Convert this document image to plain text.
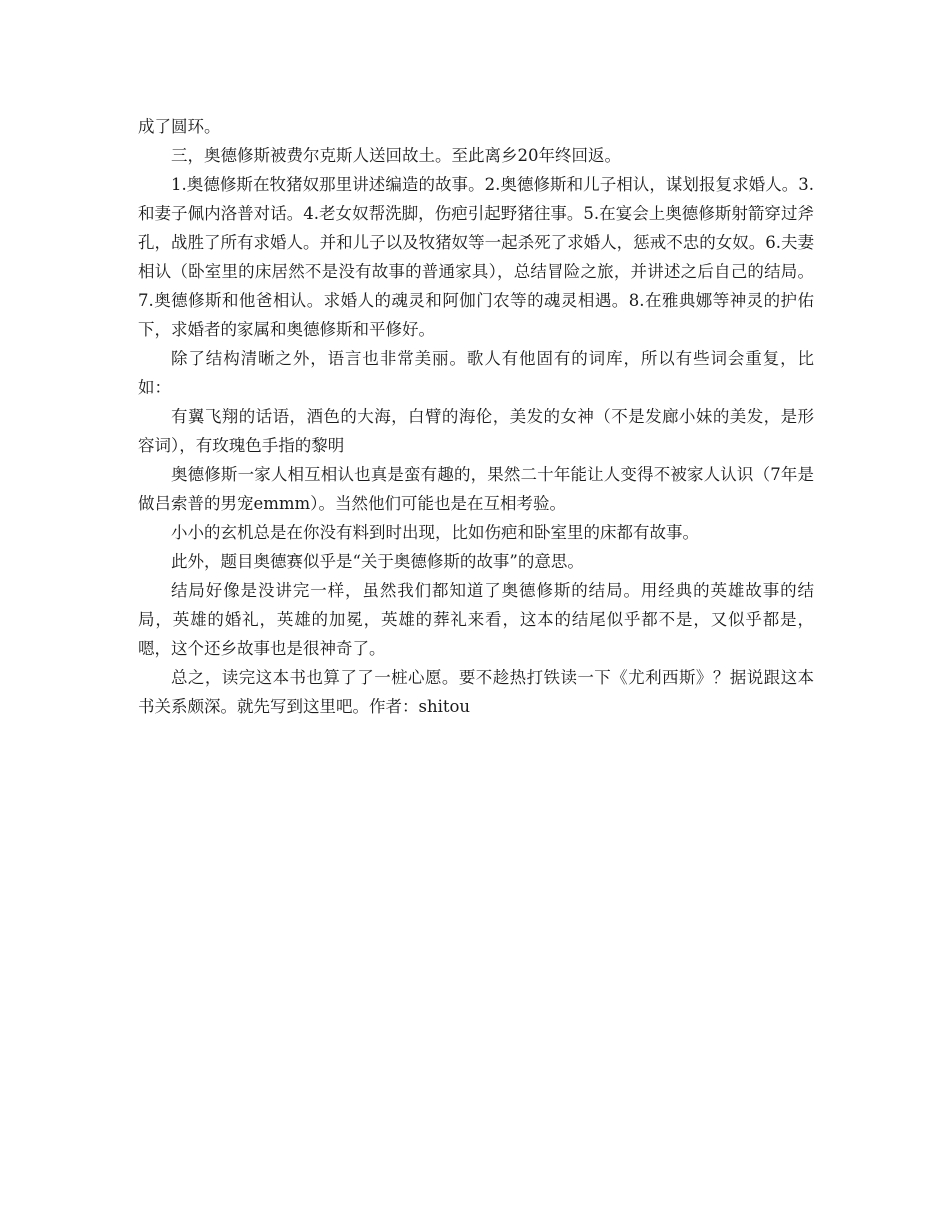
成了圆环。

三，奥德修斯被费尔克斯人送回故土。至此离乡20年终回返。

1.奥德修斯在牧猪奴那里讲述编造的故事。2.奥德修斯和儿子相认，谋划报复求婚人。3.和妻子佩内洛普对话。4.老女奴帮洗脚，伤疤引起野猪往事。5.在宴会上奥德修斯射箭穿过斧孔，战胜了所有求婚人。并和儿子以及牧猪奴等一起杀死了求婚人，惩戒不忠的女奴。6.夫妻相认（卧室里的床居然不是没有故事的普通家具），总结冒险之旅，并讲述之后自己的结局。7.奥德修斯和他爸相认。求婚人的魂灵和阿伽门农等的魂灵相遇。8.在雅典娜等神灵的护佑下，求婚者的家属和奥德修斯和平修好。

除了结构清晰之外，语言也非常美丽。歌人有他固有的词库，所以有些词会重复，比如：

有翼飞翔的话语，酒色的大海，白臂的海伦，美发的女神（不是发廊小妹的美发，是形容词），有玫瑰色手指的黎明

奥德修斯一家人相互相认也真是蛮有趣的，果然二十年能让人变得不被家人认识（7年是做吕索普的男宠emmm）。当然他们可能也是在互相考验。

小小的玄机总是在你没有料到时出现，比如伤疤和卧室里的床都有故事。

此外，题目奥德赛似乎是“关于奥德修斯的故事”的意思。

结局好像是没讲完一样，虽然我们都知道了奥德修斯的结局。用经典的英雄故事的结局，英雄的婚礼，英雄的加冕，英雄的葬礼来看，这本的结尾似乎都不是，又似乎都是，嗯，这个还乡故事也是很神奇了。

总之，读完这本书也算了了一桩心愿。要不趁热打铁读一下《尤利西斯》？据说跟这本书关系颇深。就先写到这里吧。作者：shitou
